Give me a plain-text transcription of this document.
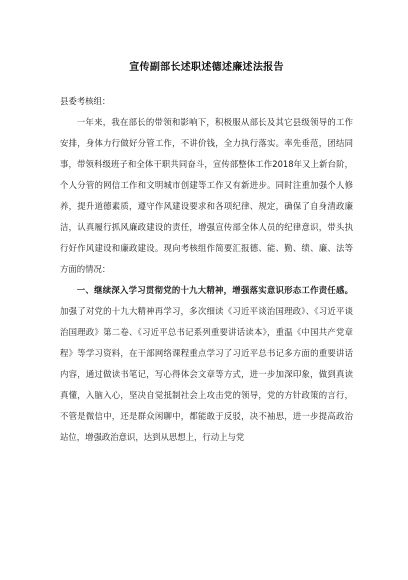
宣传副部长述职述德述廉述法报告

县委考核组：

一年来，我在部长的带领和影响下，积极服从部长及其它县级领导的工作安排，身体力行做好分管工作，不讲价钱，全力执行落实。率先垂范，团结同事，带领科级班子和全体干职共同奋斗，宣传部整体工作2018年又上新台阶，个人分管的网信工作和文明城市创建等工作又有新进步。同时注重加强个人修养，提升道德素质，遵守作风建设要求和各项纪律、规定，确保了自身清政廉洁，认真履行抓风廉政建设的责任，增强宣传部全体人员的纪律意识，带头执行好作风建设和廉政建设。现向考核组作简要汇报德、能、勤、绩、廉、法等方面的情况：

一、继续深入学习贯彻党的十九大精神，增强落实意识形态工作责任感。加强了对党的十九大精神再学习，多次细读《习近平谈治国理政》、《习近平谈治国理政》第二卷、《习近平总书记系列重要讲话读本》，重温《中国共产党章程》等学习资料，在干部网络课程重点学习了习近平总书记多方面的重要讲话内容，通过做读书笔记，写心得体会文章等方式，进一步加深印象，做到真读真懂，入脑入心，坚决自觉抵制社会上攻击党的领导，党的方针政策的言行，不管是微信中，还是群众闲聊中，都能敢于反驳，决不袖思，进一步提高政治站位，增强政治意识，达到从思想上，行动上与党
